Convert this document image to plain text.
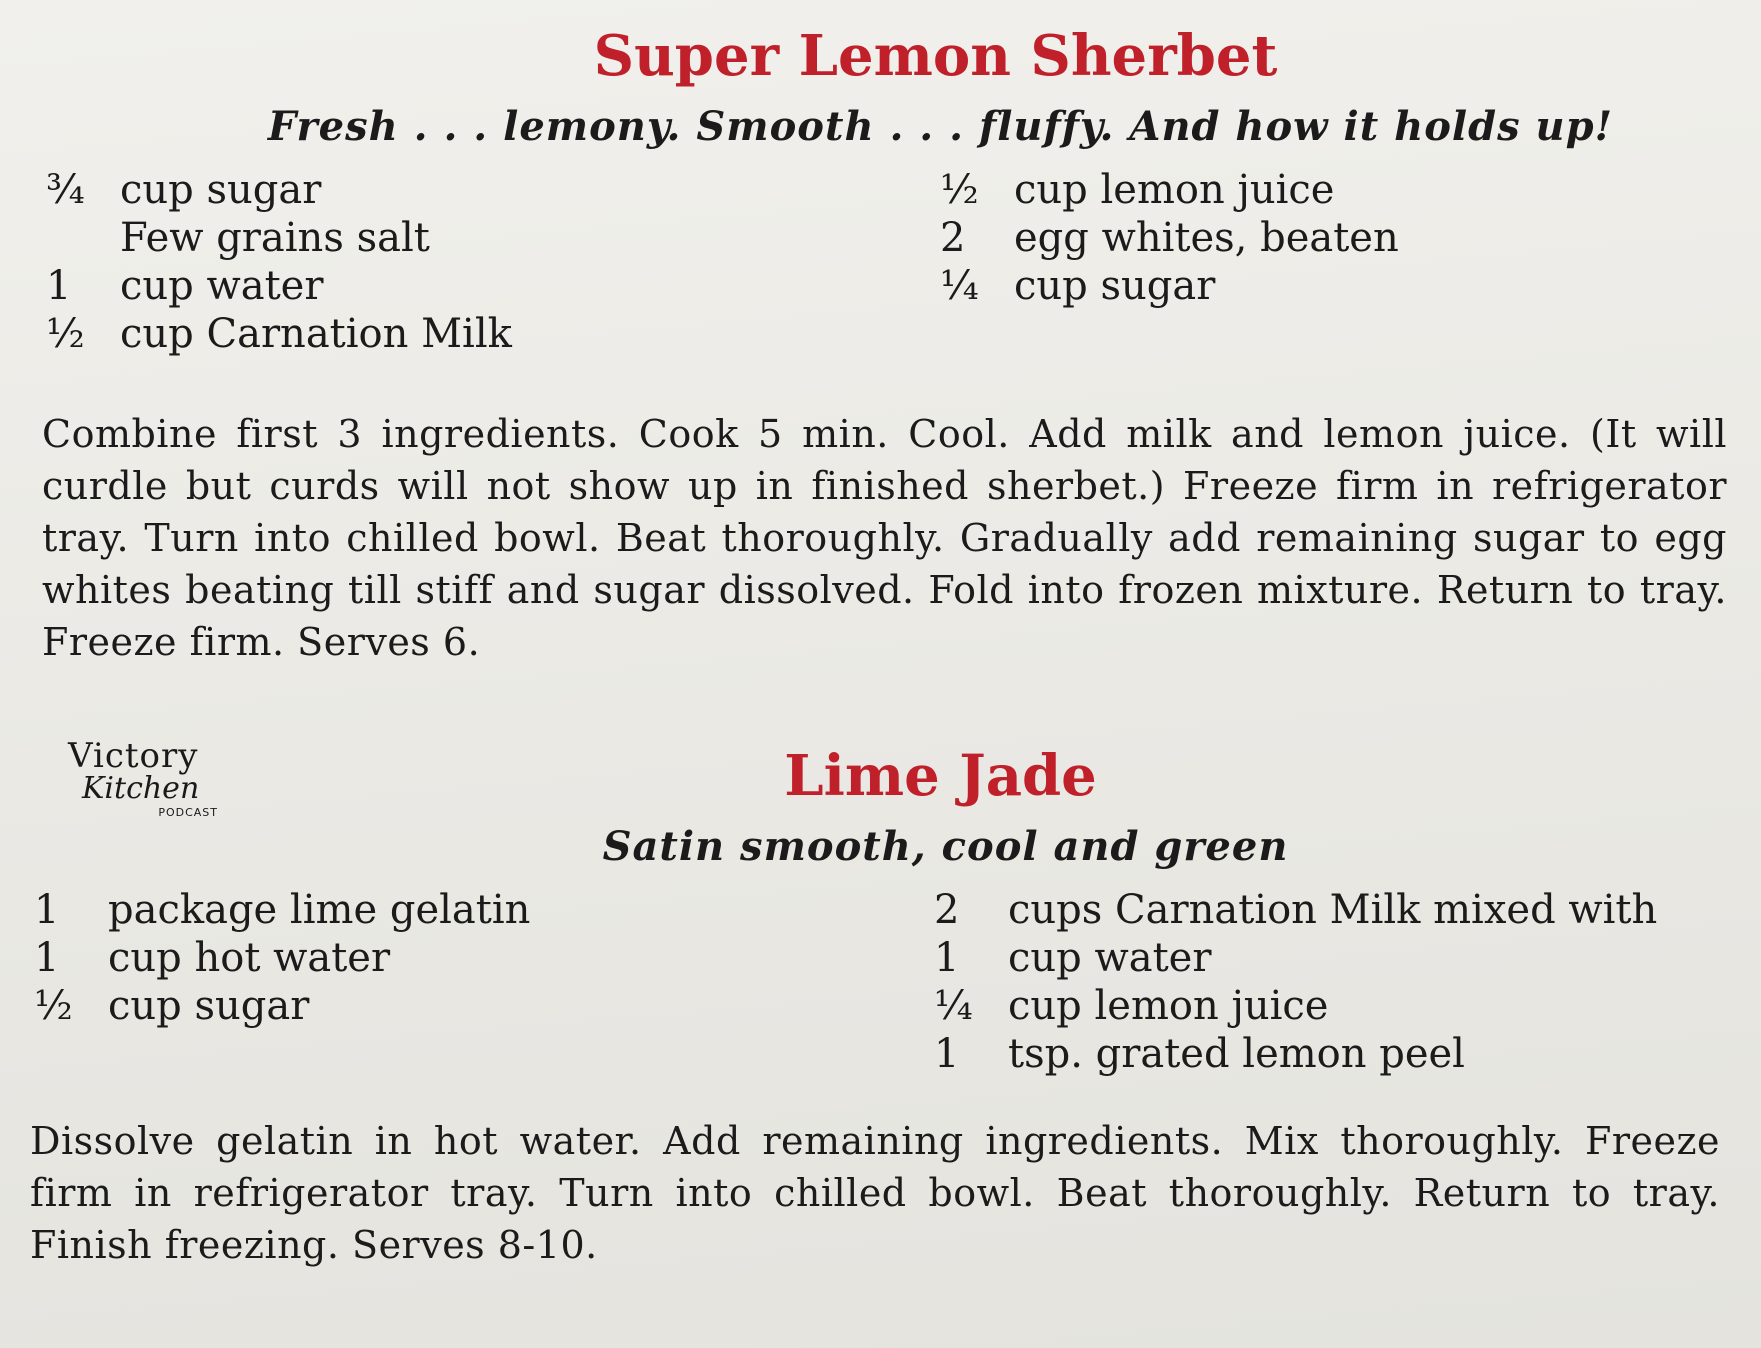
Super Lemon Sherbet

Fresh . . . lemony. Smooth . . . fluffy. And how it holds up!

¾ cup sugar
Few grains salt
1	cup water
½ cup Carnation Milk
½ cup lemon juice
2	egg whites, beaten
¼ cup sugar

Combine first 3 ingredients. Cook 5 min. Cool. Add milk and lemon juice. (It will curdle but curds will not show up in finished sherbet.) Freeze firm in refrigerator tray. Turn into chilled bowl. Beat thoroughly. Gradually add remaining sugar to egg whites beating till stiff and sugar dissolved. Fold into frozen mixture. Return to tray. Freeze firm. Serves 6.

Victory
Kitchen
PODCAST
Lime Jade

Satin smooth, cool and green

1	package lime gelatin
1	cup hot water
½ cup sugar
2	cups Carnation Milk mixed with
1	cup water
¼ cup lemon juice
1	tsp. grated lemon peel

Dissolve gelatin in hot water. Add remaining ingredients. Mix thoroughly. Freeze firm in refrigerator tray. Turn into chilled bowl. Beat thoroughly. Return to tray. Finish freezing. Serves 8-10.
